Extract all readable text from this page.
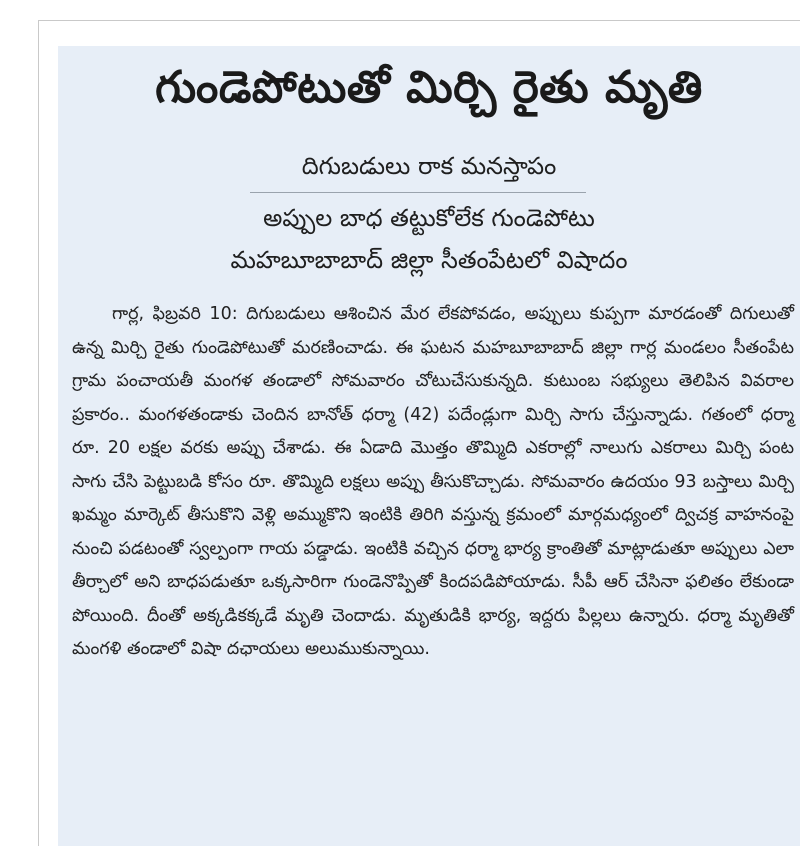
గుండెపోటుతో మిర్చి రైతు మృతి
దిగుబడులు రాక మనస్తాపం
అప్పుల బాధ తట్టుకోలేక గుండెపోటు
మహబూబాబాద్ జిల్లా సీతంపేటలో విషాదం
గార్ల, ఫిబ్రవరి 10: దిగుబడులు ఆశించిన మేర లేకపోవడం, అప్పులు కుప్పగా మారడంతో దిగులుతో ఉన్న మిర్చి రైతు గుండెపోటుతో మరణించాడు. ఈ ఘటన మహబూబాబాద్ జిల్లా గార్ల మండలం సీతంపేట గ్రామ పంచాయతీ మంగళ తండాలో సోమవారం చోటుచేసుకున్నది. కుటుంబ సభ్యులు తెలిపిన వివరాల ప్రకారం.. మంగళతండాకు చెందిన బానోత్ ధర్మా (42) పదేండ్లుగా మిర్చి సాగు చేస్తున్నాడు. గతంలో ధర్మా రూ. 20 లక్షల వరకు అప్పు చేశాడు. ఈ ఏడాది మొత్తం తొమ్మిది ఎకరాల్లో నాలుగు ఎకరాలు మిర్చి పంట సాగు చేసి పెట్టుబడి కోసం రూ. తొమ్మిది లక్షలు అప్పు తీసుకొచ్చాడు. సోమవారం ఉదయం 93 బస్తాలు మిర్చి ఖమ్మం మార్కెట్ తీసుకొని వెళ్లి అమ్ముకొని ఇంటికి తిరిగి వస్తున్న క్రమంలో మార్గమధ్యంలో ద్విచక్ర వాహనంపై నుంచి పడటంతో స్వల్పంగా గాయ పడ్డాడు. ఇంటికి వచ్చిన ధర్మా భార్య క్రాంతితో మాట్లాడుతూ అప్పులు ఎలా తీర్చాలో అని బాధపడుతూ ఒక్కసారిగా గుండెనొప్పితో కిందపడిపోయాడు. సీపీ ఆర్ చేసినా ఫలితం లేకుండా పోయింది. దీంతో అక్కడికక్కడే మృతి చెందాడు. మృతుడికి భార్య, ఇద్దరు పిల్లలు ఉన్నారు. ధర్మా మృతితో మంగళి తండాలో విషా దఛాయలు అలుముకున్నాయి.
